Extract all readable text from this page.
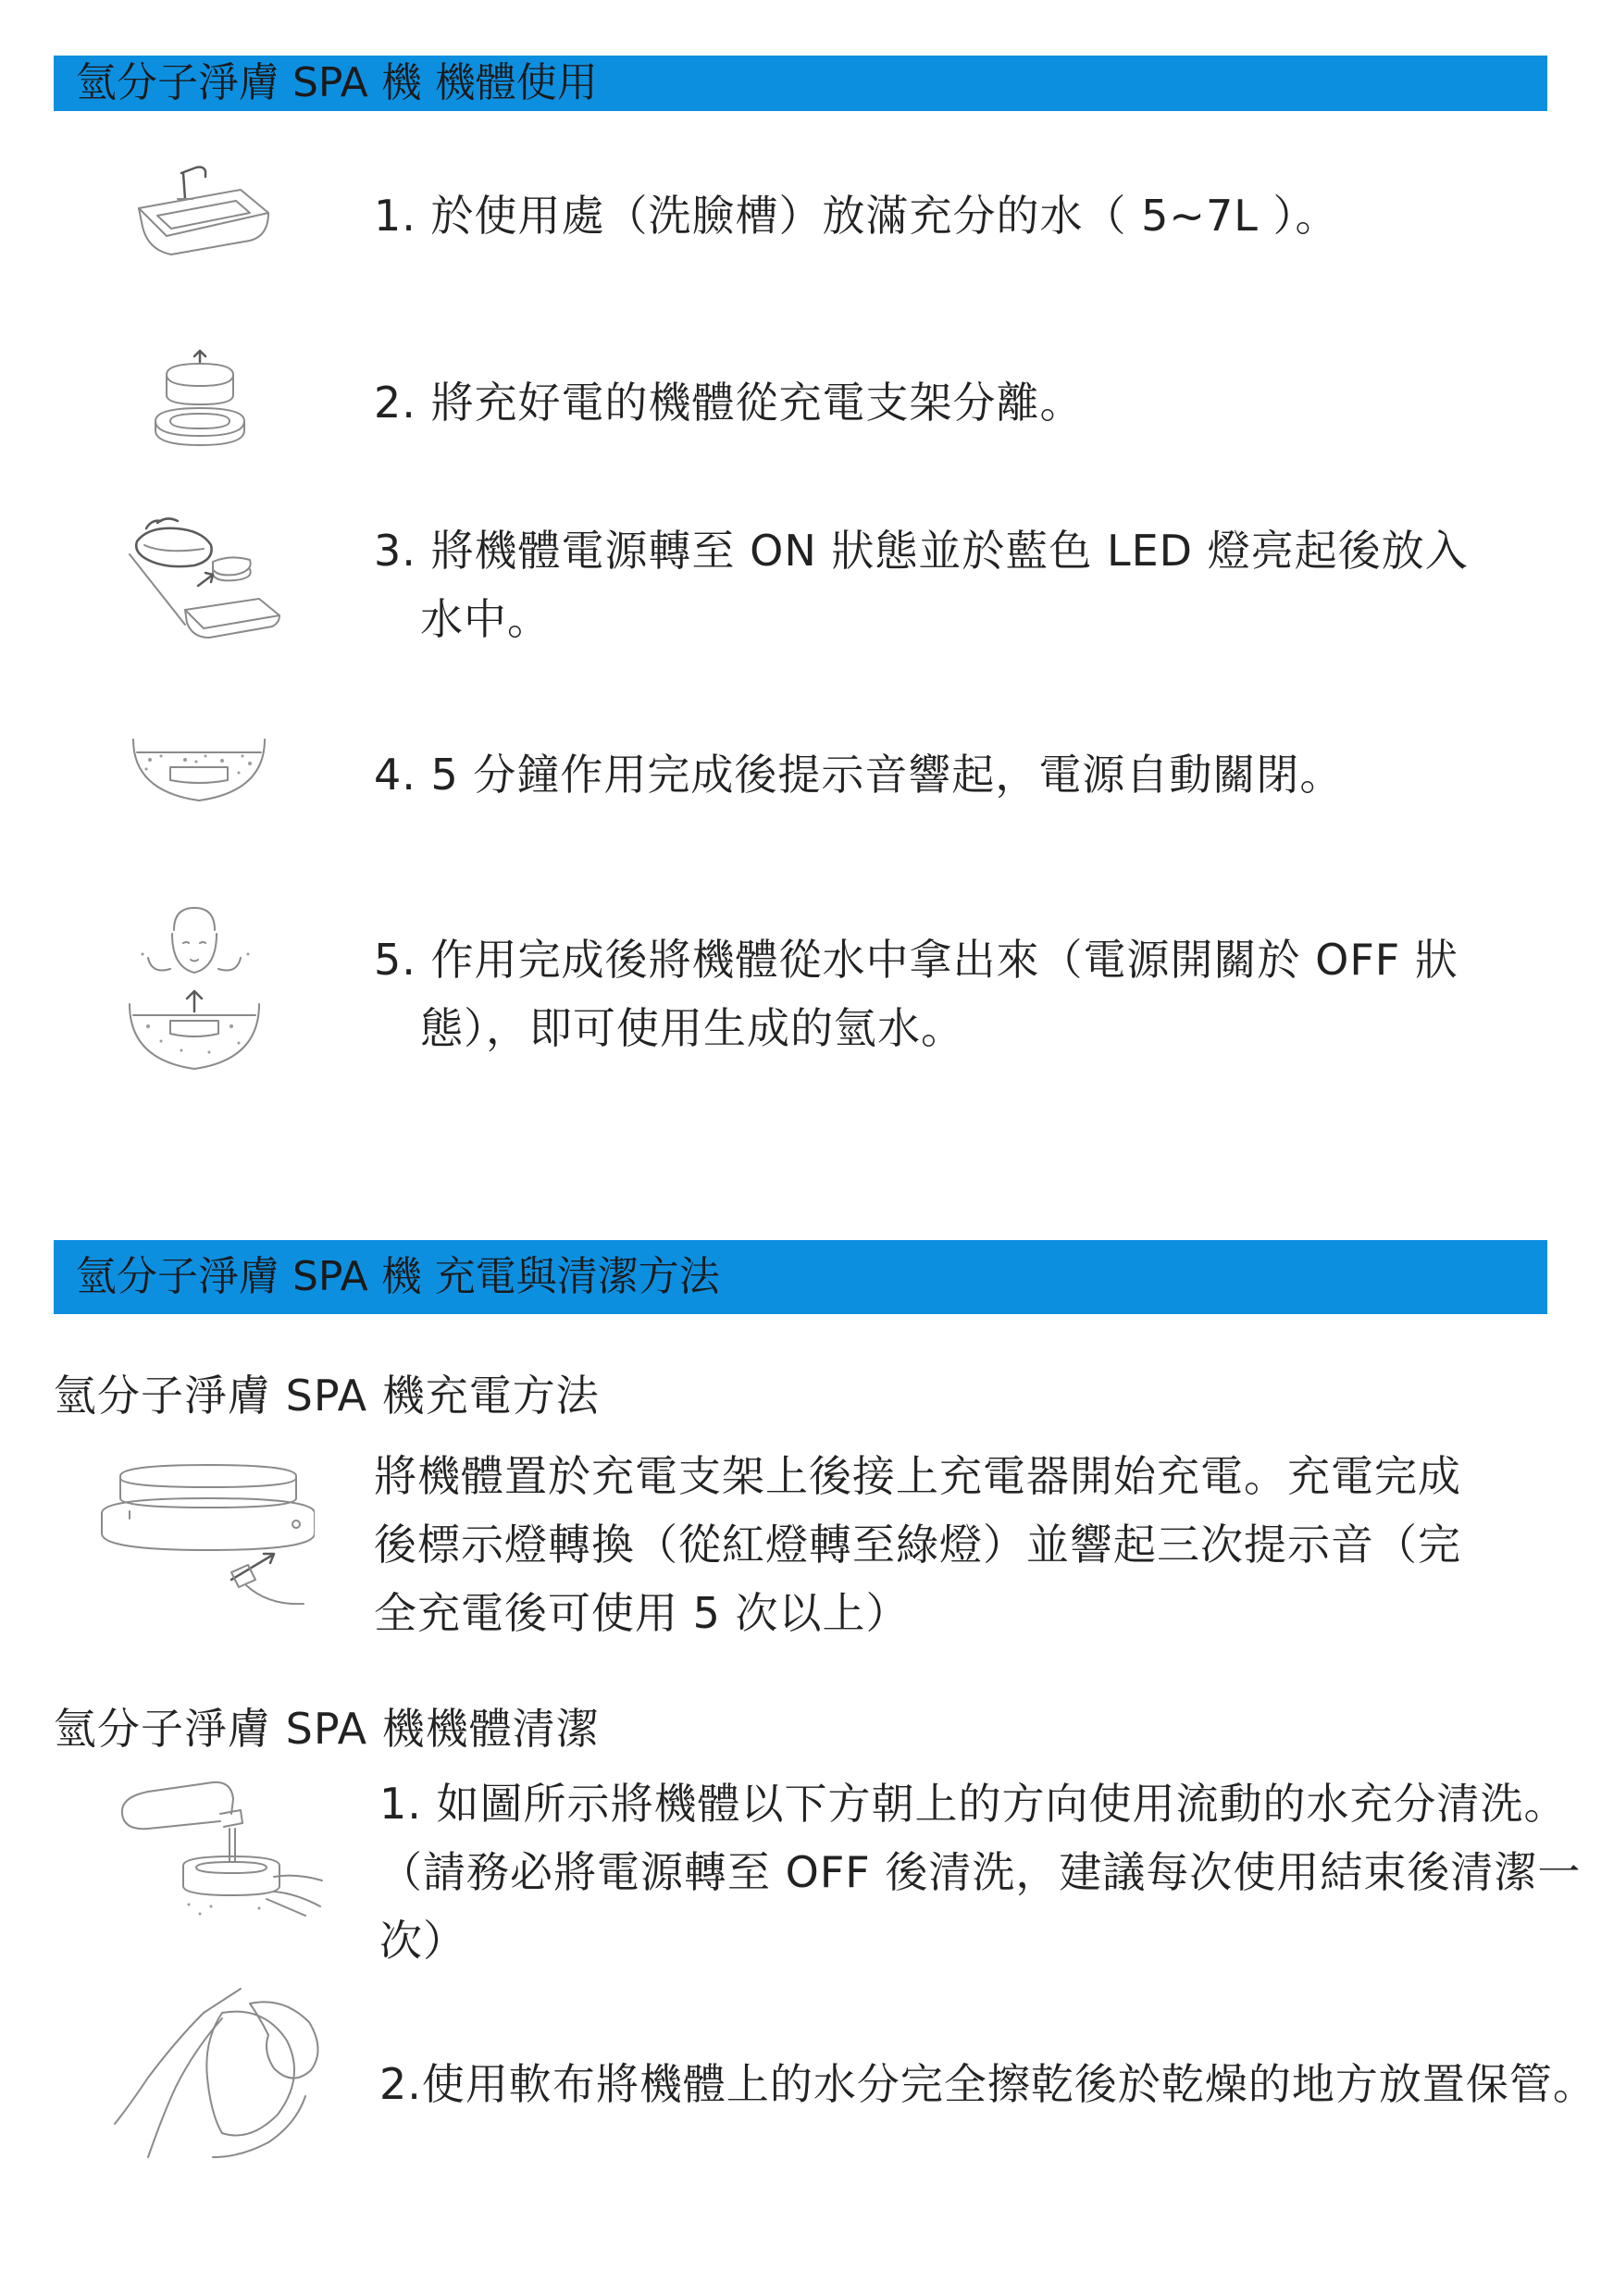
氫分子淨膚 SPA 機 機體使用
1. 於使用處（洗臉槽）放滿充分的水（ 5~7L ）。
2. 將充好電的機體從充電支架分離。
3. 將機體電源轉至 ON 狀態並於藍色 LED 燈亮起後放入
水中。
4. 5 分鐘作用完成後提示音響起，電源自動關閉。
5. 作用完成後將機體從水中拿出來（電源開關於 OFF 狀
態），即可使用生成的氫水。
氫分子淨膚 SPA 機 充電與清潔方法
氫分子淨膚 SPA 機充電方法
將機體置於充電支架上後接上充電器開始充電。充電完成
後標示燈轉換（從紅燈轉至綠燈）並響起三次提示音（完
全充電後可使用 5 次以上）
氫分子淨膚 SPA 機機體清潔
1. 如圖所示將機體以下方朝上的方向使用流動的水充分清洗。
（請務必將電源轉至 OFF 後清洗，建議每次使用結束後清潔一
次）
2.使用軟布將機體上的水分完全擦乾後於乾燥的地方放置保管。
